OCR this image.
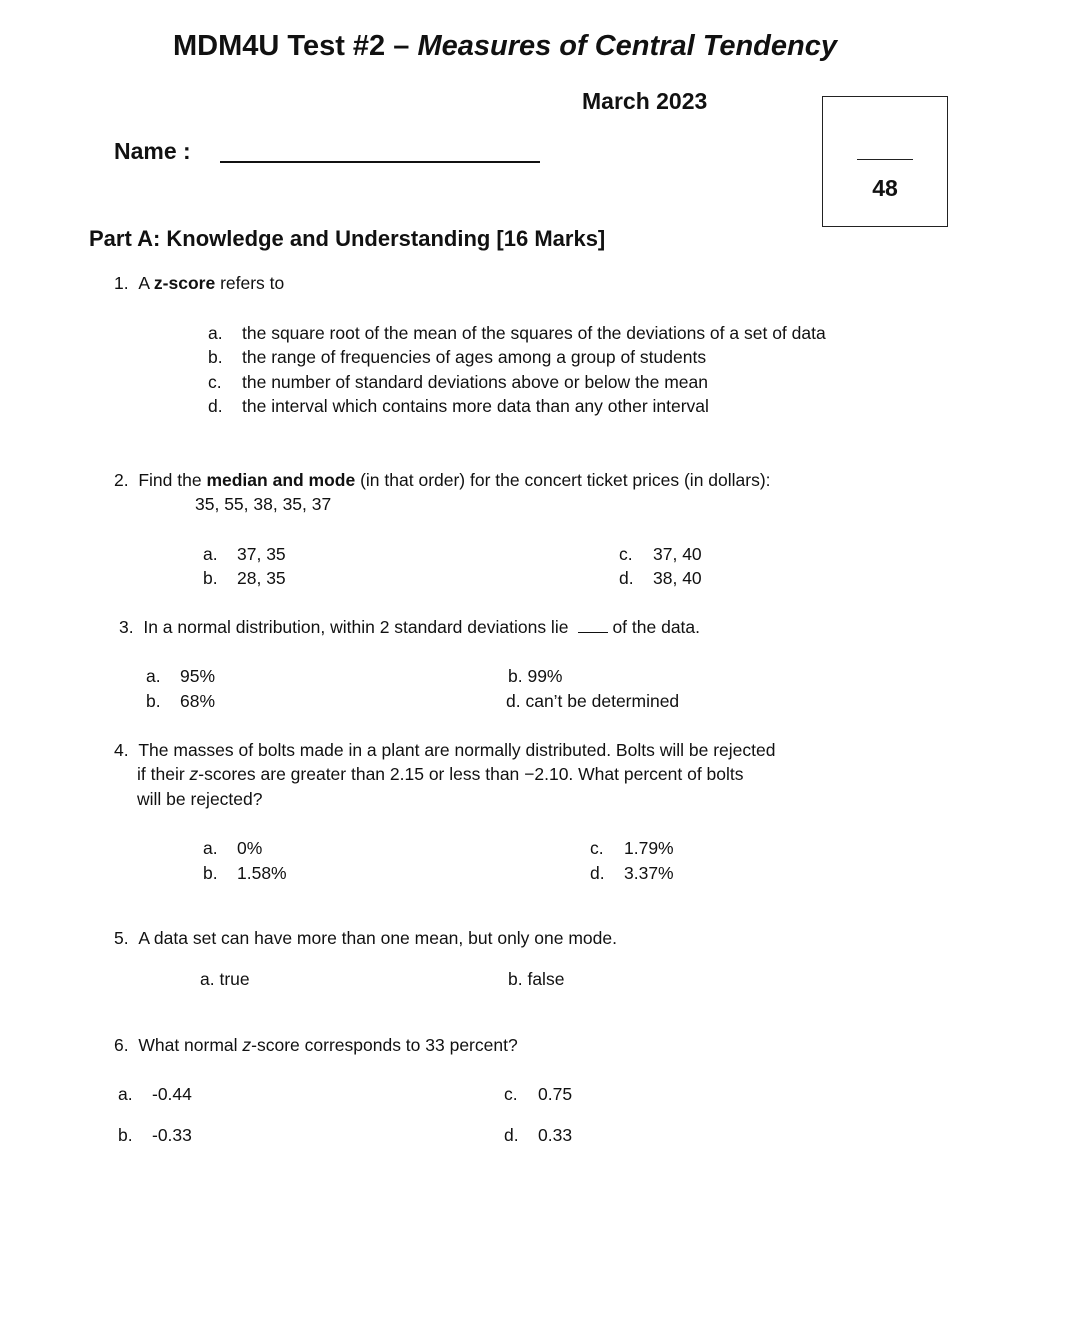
MDM4U Test #2 – Measures of Central Tendency
March 2023
Name :
48
Part A: Knowledge and Understanding [16 Marks]
1. A z-score refers to
a. the square root of the mean of the squares of the deviations of a set of data
b. the range of frequencies of ages among a group of students
c. the number of standard deviations above or below the mean
d. the interval which contains more data than any other interval
2. Find the median and mode (in that order) for the concert ticket prices (in dollars):
35, 55, 38, 35, 37
a. 37, 35
b. 28, 35
c. 37, 40
d. 38, 40
3. In a normal distribution, within 2 standard deviations lie	of the data.
a. 95%
b. 68%
b. 99%
d. can’t be determined
4. The masses of bolts made in a plant are normally distributed. Bolts will be rejected
if their z-scores are greater than 2.15 or less than −2.10. What percent of bolts
will be rejected?
a. 0%
b. 1.58%
c. 1.79%
d. 3.37%
5. A data set can have more than one mean, but only one mode.
a. true	b. false
6. What normal z-score corresponds to 33 percent?
a. -0.44
b. -0.33
c. 0.75
d. 0.33
